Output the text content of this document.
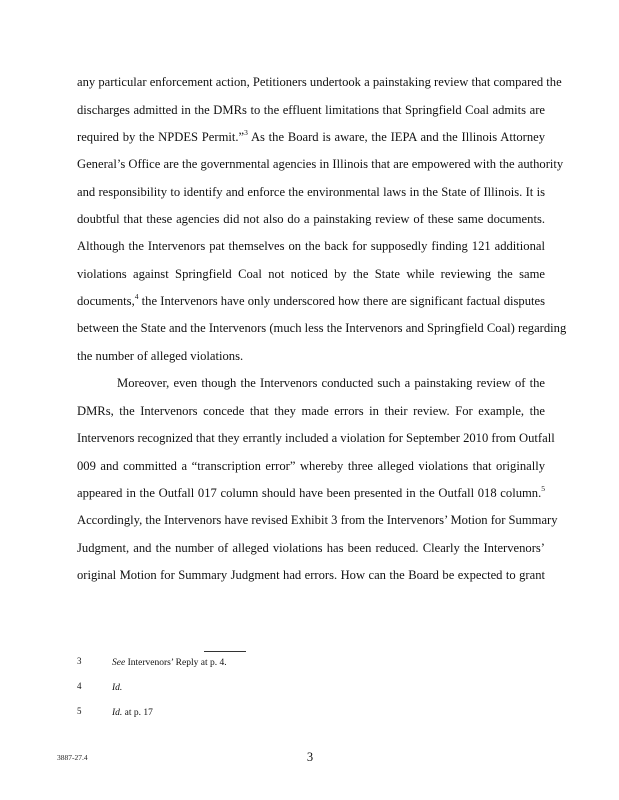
any particular enforcement action, Petitioners undertook a painstaking review that compared the
discharges admitted in the DMRs to the effluent limitations that Springfield Coal admits are
required by the NPDES Permit.”$^3$ As the Board is aware, the IEPA and the Illinois Attorney
General’s Office are the governmental agencies in Illinois that are empowered with the authority
and responsibility to identify and enforce the environmental laws in the State of Illinois. It is
doubtful that these agencies did not also do a painstaking review of these same documents.
Although the Intervenors pat themselves on the back for supposedly finding 121 additional
violations against Springfield Coal not noticed by the State while reviewing the same
documents,$^4$ the Intervenors have only underscored how there are significant factual disputes
between the State and the Intervenors (much less the Intervenors and Springfield Coal) regarding
the number of alleged violations.
Moreover, even though the Intervenors conducted such a painstaking review of the
DMRs, the Intervenors concede that they made errors in their review. For example, the
Intervenors recognized that they errantly included a violation for September 2010 from Outfall
009 and committed a “transcription error” whereby three alleged violations that originally
appeared in the Outfall 017 column should have been presented in the Outfall 018 column.$^5$
Accordingly, the Intervenors have revised Exhibit 3 from the Intervenors’ Motion for Summary
Judgment, and the number of alleged violations has been reduced. Clearly the Intervenors’
original Motion for Summary Judgment had errors. How can the Board be expected to grant
3	See Intervenors’ Reply at p. 4.
4	Id.
5	Id. at p. 17
3887-27.4	3
